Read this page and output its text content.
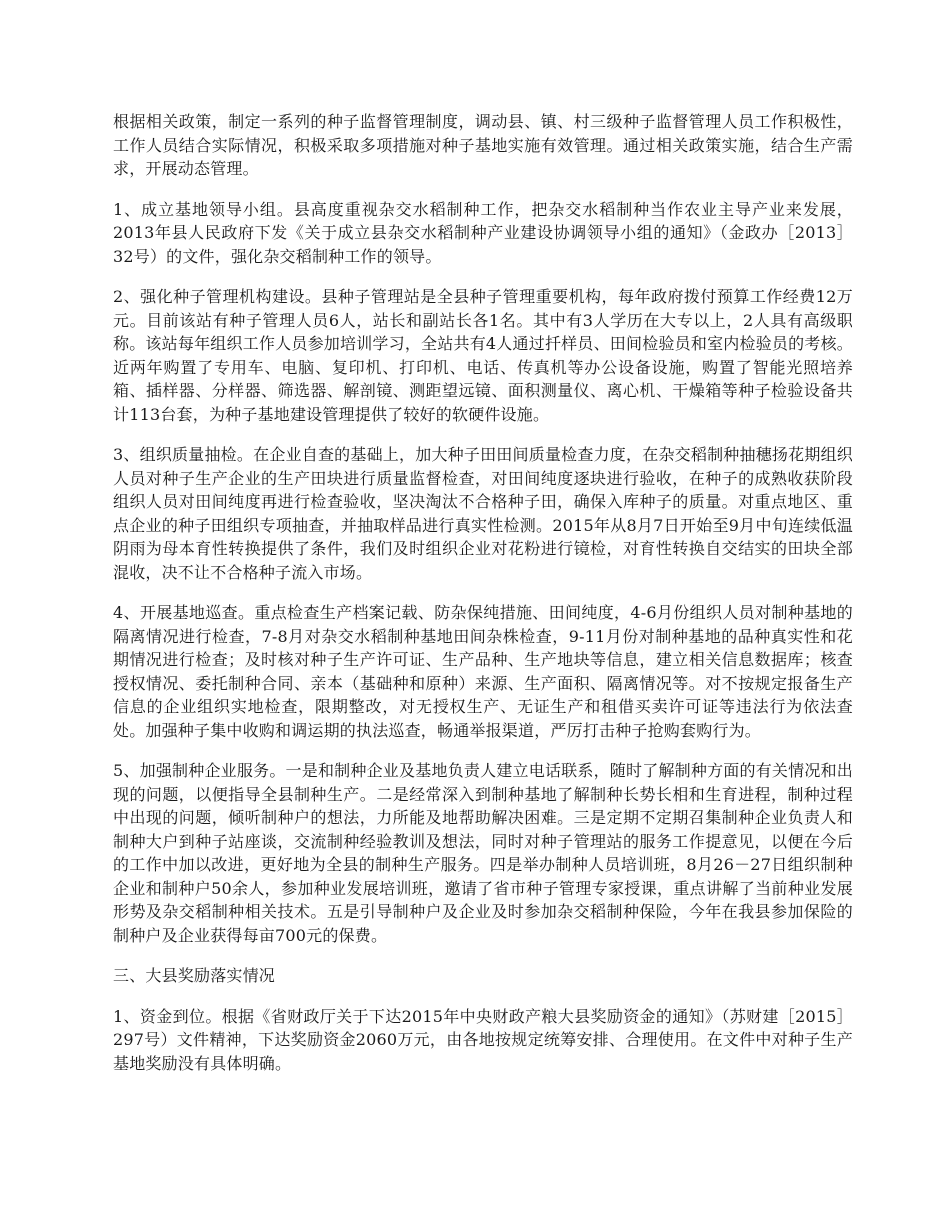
根据相关政策，制定一系列的种子监督管理制度，调动县、镇、村三级种子监督管理人员工作积极性，工作人员结合实际情况，积极采取多项措施对种子基地实施有效管理。通过相关政策实施，结合生产需求，开展动态管理。

1、成立基地领导小组。县高度重视杂交水稻制种工作，把杂交水稻制种当作农业主导产业来发展，2013年县人民政府下发《关于成立县杂交水稻制种产业建设协调领导小组的通知》（金政办［2013］32号）的文件，强化杂交稻制种工作的领导。

2、强化种子管理机构建设。县种子管理站是全县种子管理重要机构，每年政府拨付预算工作经费12万元。目前该站有种子管理人员6人，站长和副站长各1名。其中有3人学历在大专以上，2人具有高级职称。该站每年组织工作人员参加培训学习，全站共有4人通过扦样员、田间检验员和室内检验员的考核。近两年购置了专用车、电脑、复印机、打印机、电话、传真机等办公设备设施，购置了智能光照培养箱、插样器、分样器、筛选器、解剖镜、测距望远镜、面积测量仪、离心机、干燥箱等种子检验设备共计113台套，为种子基地建设管理提供了较好的软硬件设施。

3、组织质量抽检。在企业自查的基础上，加大种子田田间质量检查力度，在杂交稻制种抽穗扬花期组织人员对种子生产企业的生产田块进行质量监督检查，对田间纯度逐块进行验收，在种子的成熟收获阶段组织人员对田间纯度再进行检查验收，坚决淘汰不合格种子田，确保入库种子的质量。对重点地区、重点企业的种子田组织专项抽查，并抽取样品进行真实性检测。2015年从8月7日开始至9月中旬连续低温阴雨为母本育性转换提供了条件，我们及时组织企业对花粉进行镜检，对育性转换自交结实的田块全部混收，决不让不合格种子流入市场。

4、开展基地巡查。重点检查生产档案记载、防杂保纯措施、田间纯度，4-6月份组织人员对制种基地的隔离情况进行检查，7-8月对杂交水稻制种基地田间杂株检查，9-11月份对制种基地的品种真实性和花期情况进行检查；及时核对种子生产许可证、生产品种、生产地块等信息，建立相关信息数据库；核查授权情况、委托制种合同、亲本（基础种和原种）来源、生产面积、隔离情况等。对不按规定报备生产信息的企业组织实地检查，限期整改，对无授权生产、无证生产和租借买卖许可证等违法行为依法查处。加强种子集中收购和调运期的执法巡查，畅通举报渠道，严厉打击种子抢购套购行为。

5、加强制种企业服务。一是和制种企业及基地负责人建立电话联系，随时了解制种方面的有关情况和出现的问题，以便指导全县制种生产。二是经常深入到制种基地了解制种长势长相和生育进程，制种过程中出现的问题，倾听制种户的想法，力所能及地帮助解决困难。三是定期不定期召集制种企业负责人和制种大户到种子站座谈，交流制种经验教训及想法，同时对种子管理站的服务工作提意见，以便在今后的工作中加以改进，更好地为全县的制种生产服务。四是举办制种人员培训班，8月26－27日组织制种企业和制种户50余人，参加种业发展培训班，邀请了省市种子管理专家授课，重点讲解了当前种业发展形势及杂交稻制种相关技术。五是引导制种户及企业及时参加杂交稻制种保险，今年在我县参加保险的制种户及企业获得每亩700元的保费。

三、大县奖励落实情况

1、资金到位。根据《省财政厅关于下达2015年中央财政产粮大县奖励资金的通知》（苏财建［2015］297号）文件精神，下达奖励资金2060万元，由各地按规定统筹安排、合理使用。在文件中对种子生产基地奖励没有具体明确。
